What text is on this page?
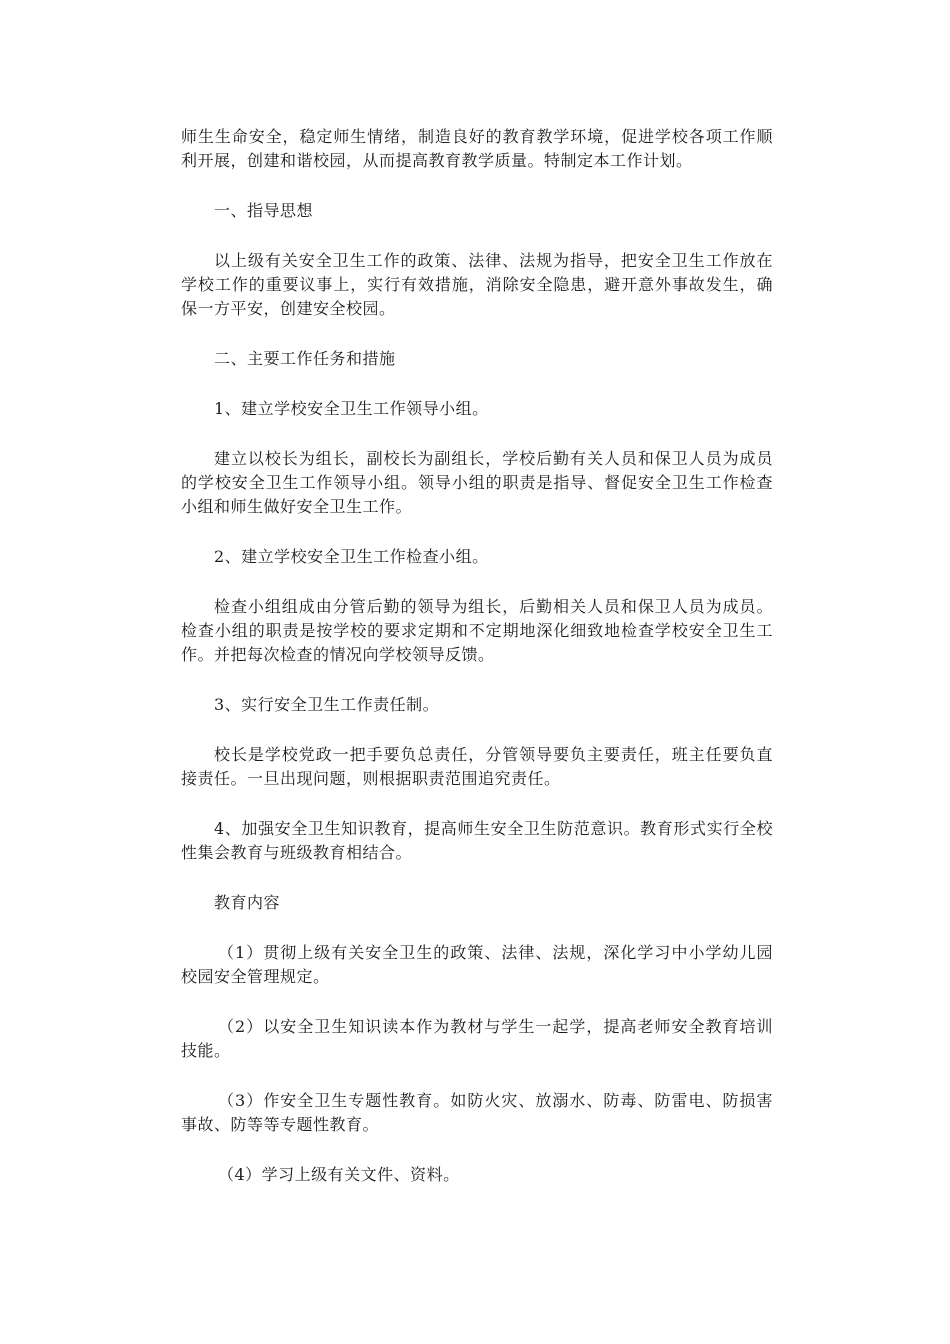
师生生命安全，稳定师生情绪，制造良好的教育教学环境，促进学校各项工作顺利开展，创建和谐校园，从而提高教育教学质量。特制定本工作计划。

一、指导思想

以上级有关安全卫生工作的政策、法律、法规为指导，把安全卫生工作放在学校工作的重要议事上，实行有效措施，消除安全隐患，避开意外事故发生，确保一方平安，创建安全校园。

二、主要工作任务和措施

1、建立学校安全卫生工作领导小组。

建立以校长为组长，副校长为副组长，学校后勤有关人员和保卫人员为成员的学校安全卫生工作领导小组。领导小组的职责是指导、督促安全卫生工作检查小组和师生做好安全卫生工作。

2、建立学校安全卫生工作检查小组。

检查小组组成由分管后勤的领导为组长，后勤相关人员和保卫人员为成员。检查小组的职责是按学校的要求定期和不定期地深化细致地检查学校安全卫生工作。并把每次检查的情况向学校领导反馈。

3、实行安全卫生工作责任制。

校长是学校党政一把手要负总责任，分管领导要负主要责任，班主任要负直接责任。一旦出现问题，则根据职责范围追究责任。

4、加强安全卫生知识教育，提高师生安全卫生防范意识。教育形式实行全校性集会教育与班级教育相结合。

教育内容

（1）贯彻上级有关安全卫生的政策、法律、法规，深化学习中小学幼儿园校园安全管理规定。

（2）以安全卫生知识读本作为教材与学生一起学，提高老师安全教育培训技能。

（3）作安全卫生专题性教育。如防火灾、放溺水、防毒、防雷电、防损害事故、防等等专题性教育。

（4）学习上级有关文件、资料。
